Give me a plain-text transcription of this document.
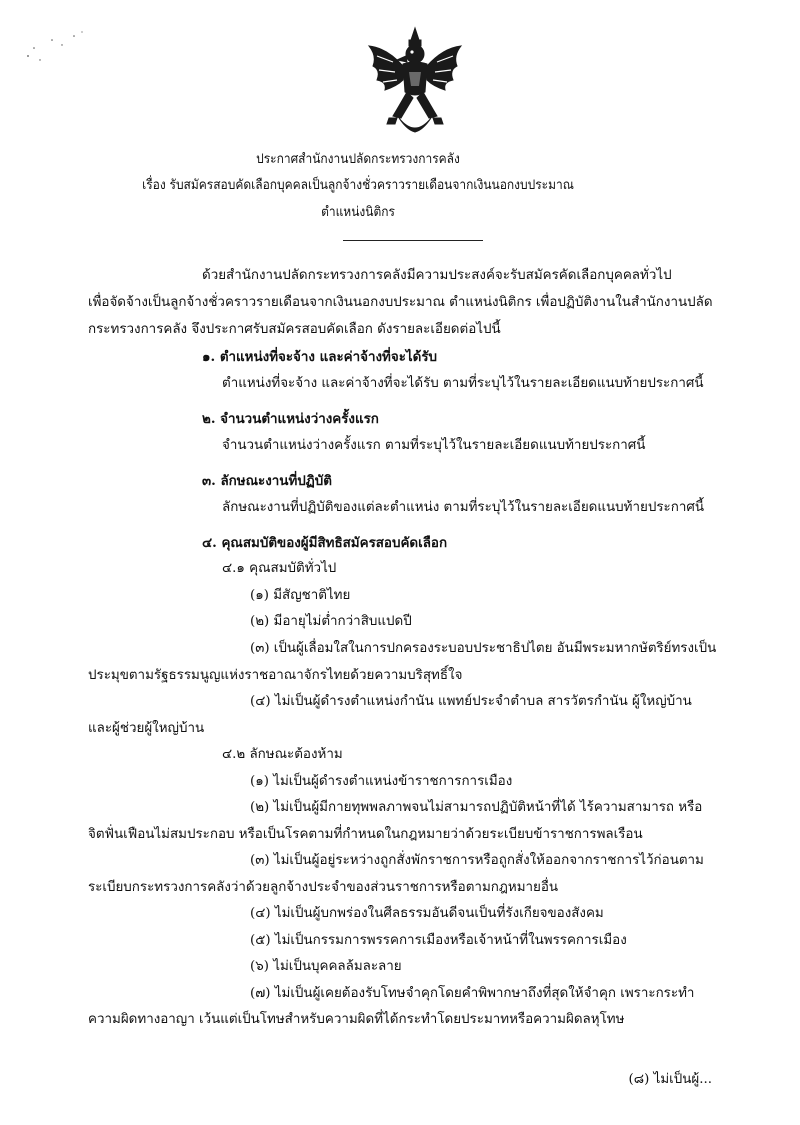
ประกาศสำนักงานปลัดกระทรวงการคลัง
เรื่อง รับสมัครสอบคัดเลือกบุคคลเป็นลูกจ้างชั่วคราวรายเดือนจากเงินนอกงบประมาณ
ตำแหน่งนิติกร
ด้วยสำนักงานปลัดกระทรวงการคลังมีความประสงค์จะรับสมัครคัดเลือกบุคคลทั่วไป
เพื่อจัดจ้างเป็นลูกจ้างชั่วคราวรายเดือนจากเงินนอกงบประมาณ ตำแหน่งนิติกร เพื่อปฏิบัติงานในสำนักงานปลัด
กระทรวงการคลัง จึงประกาศรับสมัครสอบคัดเลือก ดังรายละเอียดต่อไปนี้
๑. ตำแหน่งที่จะจ้าง และค่าจ้างที่จะได้รับ
ตำแหน่งที่จะจ้าง และค่าจ้างที่จะได้รับ ตามที่ระบุไว้ในรายละเอียดแนบท้ายประกาศนี้
๒. จำนวนตำแหน่งว่างครั้งแรก
จำนวนตำแหน่งว่างครั้งแรก ตามที่ระบุไว้ในรายละเอียดแนบท้ายประกาศนี้
๓. ลักษณะงานที่ปฏิบัติ
ลักษณะงานที่ปฏิบัติของแต่ละตำแหน่ง ตามที่ระบุไว้ในรายละเอียดแนบท้ายประกาศนี้
๔. คุณสมบัติของผู้มีสิทธิสมัครสอบคัดเลือก
๔.๑ คุณสมบัติทั่วไป
(๑) มีสัญชาติไทย
(๒) มีอายุไม่ต่ำกว่าสิบแปดปี
(๓) เป็นผู้เลื่อมใสในการปกครองระบอบประชาธิปไตย อันมีพระมหากษัตริย์ทรงเป็น
ประมุขตามรัฐธรรมนูญแห่งราชอาณาจักรไทยด้วยความบริสุทธิ์ใจ
(๔) ไม่เป็นผู้ดำรงตำแหน่งกำนัน แพทย์ประจำตำบล สารวัตรกำนัน ผู้ใหญ่บ้าน
และผู้ช่วยผู้ใหญ่บ้าน
๔.๒ ลักษณะต้องห้าม
(๑) ไม่เป็นผู้ดำรงตำแหน่งข้าราชการการเมือง
(๒) ไม่เป็นผู้มีกายทุพพลภาพจนไม่สามารถปฏิบัติหน้าที่ได้ ไร้ความสามารถ หรือ
จิตฟั่นเฟือนไม่สมประกอบ หรือเป็นโรคตามที่กำหนดในกฎหมายว่าด้วยระเบียบข้าราชการพลเรือน
(๓) ไม่เป็นผู้อยู่ระหว่างถูกสั่งพักราชการหรือถูกสั่งให้ออกจากราชการไว้ก่อนตาม
ระเบียบกระทรวงการคลังว่าด้วยลูกจ้างประจำของส่วนราชการหรือตามกฎหมายอื่น
(๔) ไม่เป็นผู้บกพร่องในศีลธรรมอันดีจนเป็นที่รังเกียจของสังคม
(๕) ไม่เป็นกรรมการพรรคการเมืองหรือเจ้าหน้าที่ในพรรคการเมือง
(๖) ไม่เป็นบุคคลล้มละลาย
(๗) ไม่เป็นผู้เคยต้องรับโทษจำคุกโดยคำพิพากษาถึงที่สุดให้จำคุก เพราะกระทำ
ความผิดทางอาญา เว้นแต่เป็นโทษสำหรับความผิดที่ได้กระทำโดยประมาทหรือความผิดลหุโทษ
(๘) ไม่เป็นผู้...
